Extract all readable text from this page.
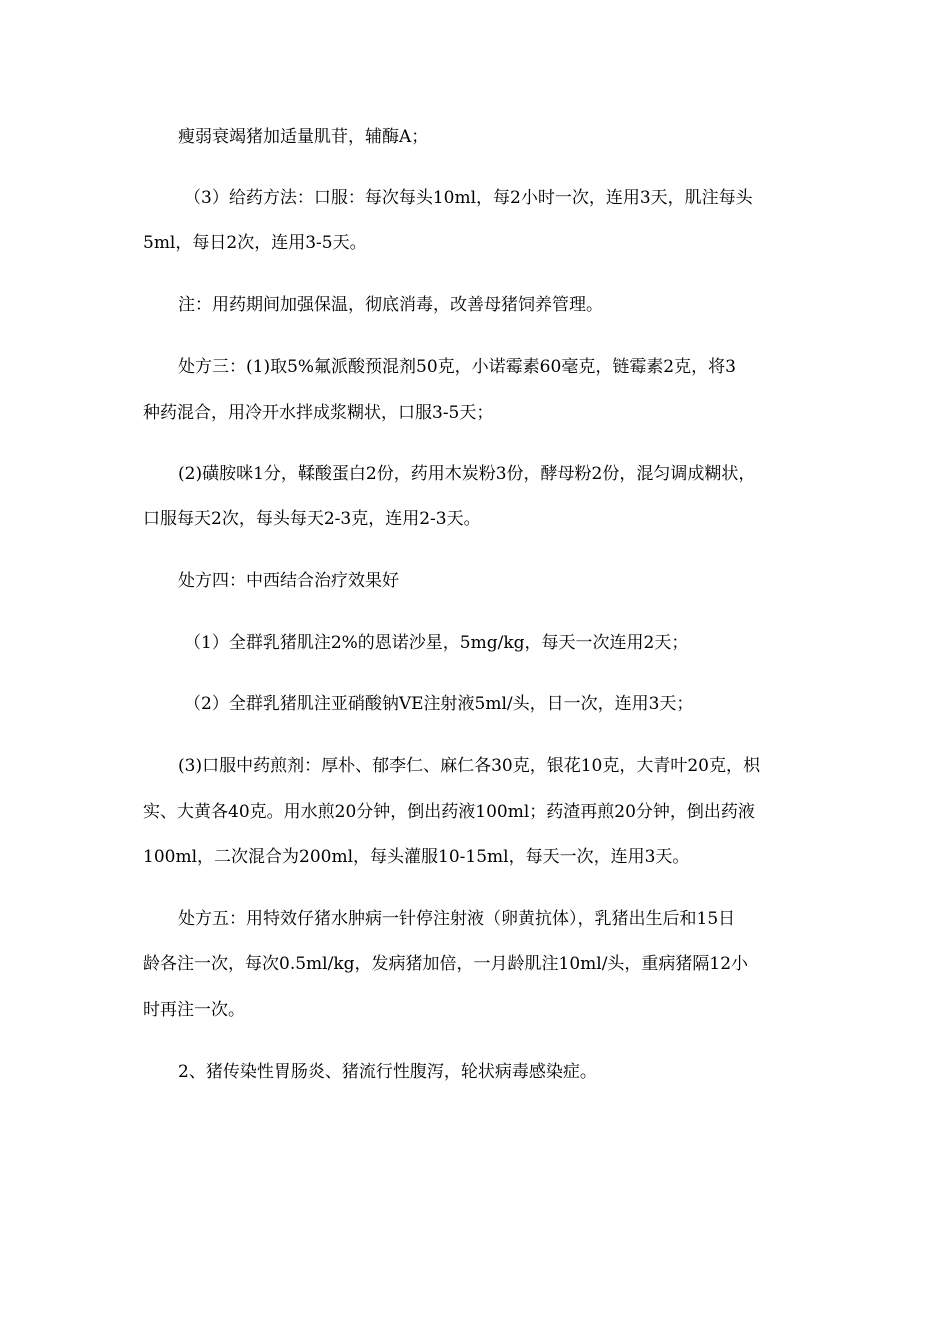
瘦弱衰竭猪加适量肌苷，辅酶A；
（3）给药方法：口服：每次每头10ml，每2小时一次，连用3天，肌注每头
5ml，每日2次，连用3-5天。
注：用药期间加强保温，彻底消毒，改善母猪饲养管理。
处方三：(1)取5%氟派酸预混剂50克，小诺霉素60毫克，链霉素2克，将3
种药混合，用冷开水拌成浆糊状，口服3-5天；
(2)磺胺咪1分，鞣酸蛋白2份，药用木炭粉3份，酵母粉2份，混匀调成糊状，
口服每天2次，每头每天2-3克，连用2-3天。
处方四：中西结合治疗效果好
（1）全群乳猪肌注2%的恩诺沙星，5mg/kg，每天一次连用2天；
（2）全群乳猪肌注亚硝酸钠VE注射液5ml/头，日一次，连用3天；
(3)口服中药煎剂：厚朴、郁李仁、麻仁各30克，银花10克，大青叶20克，枳
实、大黄各40克。用水煎20分钟，倒出药液100ml；药渣再煎20分钟，倒出药液
100ml，二次混合为200ml，每头灌服10-15ml，每天一次，连用3天。
处方五：用特效仔猪水肿病一针停注射液（卵黄抗体），乳猪出生后和15日
龄各注一次，每次0.5ml/kg，发病猪加倍，一月龄肌注10ml/头，重病猪隔12小
时再注一次。
2、猪传染性胃肠炎、猪流行性腹泻，轮状病毒感染症。
